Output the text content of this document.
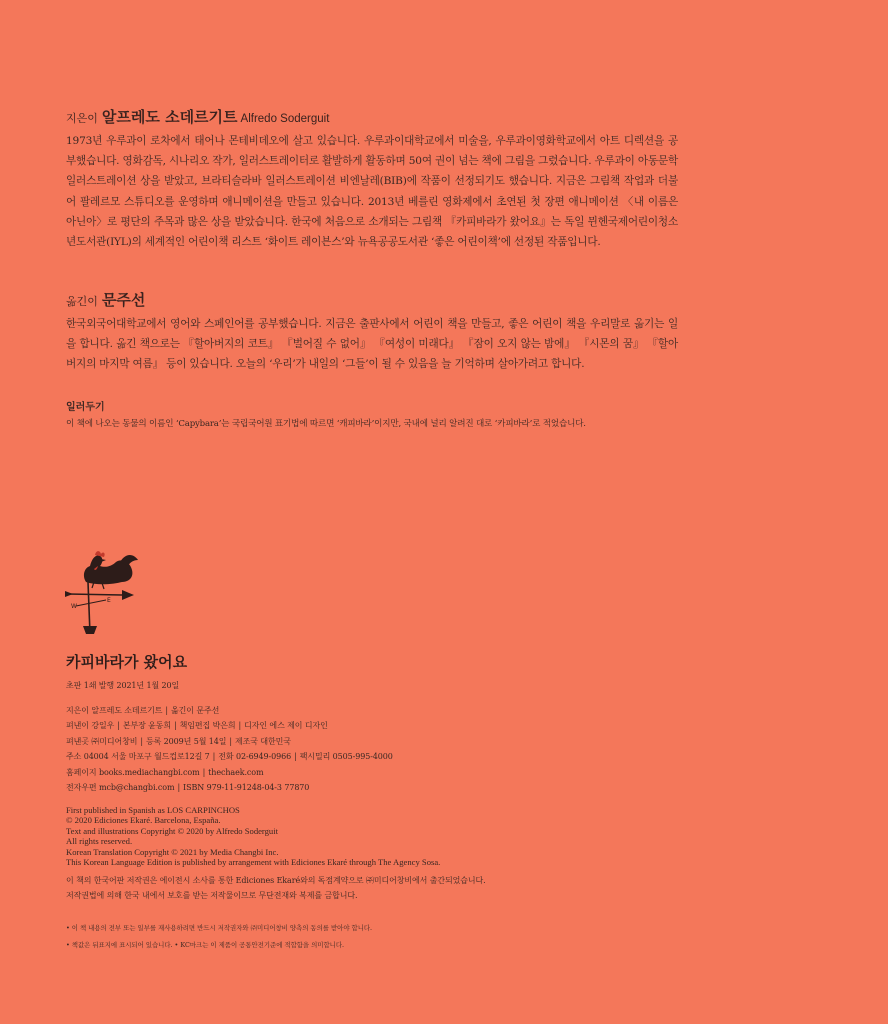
지은이 알프레도 소데르기트 Alfredo Soderguit
1973년 우루과이 로차에서 태어나 몬테비데오에 살고 있습니다. 우루과이대학교에서 미술을, 우루과이영화학교에서 아트 디렉션을 공부했습니다. 영화감독, 시나리오 작가, 일러스트레이터로 활발하게 활동하며 50여 권이 넘는 책에 그림을 그렸습니다. 우루과이 아동문학 일러스트레이션 상을 받았고, 브라티슬라바 일러스트레이션 비엔날레(BIB)에 작품이 선정되기도 했습니다. 지금은 그림책 작업과 더불어 팔레르모 스튜디오를 운영하며 애니메이션을 만들고 있습니다. 2013년 베를린 영화제에서 초연된 첫 장편 애니메이션 〈내 이름은 아닌아〉로 평단의 주목과 많은 상을 받았습니다. 한국에 처음으로 소개되는 그림책 『카피바라가 왔어요』는 독일 뮌헨국제어린이청소년도서관(IYL)의 세계적인 어린이책 리스트 ‘화이트 레이븐스’와 뉴욕공공도서관 ‘좋은 어린이책’에 선정된 작품입니다.
옮긴이 문주선
한국외국어대학교에서 영어와 스페인어를 공부했습니다. 지금은 출판사에서 어린이 책을 만들고, 좋은 어린이 책을 우리말로 옮기는 일을 합니다. 옮긴 책으로는 『할아버지의 코트』 『벌어질 수 없어』 『여성이 미래다』 『잠이 오지 않는 밤에』 『시몬의 꿈』 『할아버지의 마지막 여름』 등이 있습니다. 오늘의 ‘우리’가 내일의 ‘그들’이 될 수 있음을 늘 기억하며 살아가려고 합니다.
일러두기
이 책에 나오는 동물의 이름인 ‘Capybara’는 국립국어원 표기법에 따르면 ‘캐피바라’이지만, 국내에 널리 알려진 대로 ‘카피바라’로 적었습니다.
W
E
카피바라가 왔어요
초판 1쇄 발행 2021년 1월 20일
지은이 알프레도 소데르기트 | 옮긴이 문주선
펴낸이 강일우 | 본부장 윤동희 | 책임편집 박은희 | 디자인 에스 제이 디자인
펴낸곳 ㈜미디어창비 | 등록 2009년 5월 14일 | 제조국 대한민국
주소 04004 서울 마포구 월드컵로12길 7 | 전화 02-6949-0966 | 팩시밀리 0505-995-4000
홈페이지 books.mediachangbi.com | thechaek.com
전자우편 mcb@changbi.com | ISBN 979-11-91248-04-3 77870
First published in Spanish as LOS CARPINCHOS
© 2020 Ediciones Ekaré. Barcelona, España.
Text and illustrations Copyright © 2020 by Alfredo Soderguit
All rights reserved.
Korean Translation Copyright © 2021 by Media Changbi Inc.
This Korean Language Edition is published by arrangement with Ediciones Ekaré through The Agency Sosa.
이 책의 한국어판 저작권은 에이전시 소사를 통한 Ediciones Ekaré와의 독점계약으로 ㈜미디어창비에서 출간되었습니다.
저작권법에 의해 한국 내에서 보호를 받는 저작물이므로 무단전재와 복제를 금합니다.
• 이 책 내용의 전부 또는 일부를 재사용하려면 반드시 저작권자와 ㈜미디어창비 양측의 동의를 받아야 합니다.
• 책값은 뒤표지에 표시되어 있습니다. • KC마크는 이 제품이 공통안전기준에 적합함을 의미합니다.
